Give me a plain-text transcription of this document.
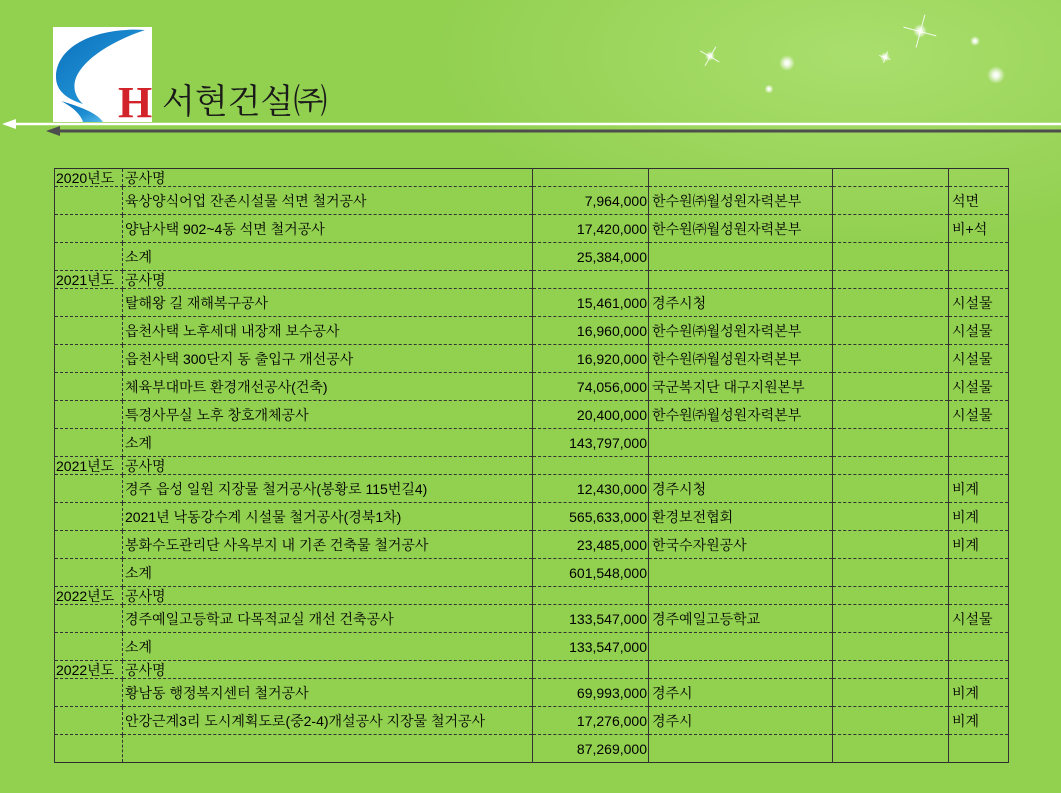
H 서현건설㈜
2020년도	공사명				
	육상양식어업 잔존시설물 석면 철거공사	7,964,000	한수원㈜월성원자력본부		석면
	양남사택 902~4동 석면 철거공사	17,420,000	한수원㈜월성원자력본부		비+석
	소계	25,384,000			
2021년도	공사명				
	탈해왕 길 재해복구공사	15,461,000	경주시청		시설물
	읍천사택 노후세대 내장재 보수공사	16,960,000	한수원㈜월성원자력본부		시설물
	읍천사택 300단지 동 출입구 개선공사	16,920,000	한수원㈜월성원자력본부		시설물
	체육부대마트 환경개선공사(건축)	74,056,000	국군복지단 대구지원본부		시설물
	특경사무실 노후 창호개체공사	20,400,000	한수원㈜월성원자력본부		시설물
	소계	143,797,000			
2021년도	공사명				
	경주 읍성 일원 지장물 철거공사(봉황로 115번길4)	12,430,000	경주시청		비계
	2021년 낙동강수계 시설물 철거공사(경북1차)	565,633,000	환경보전협회		비계
	봉화수도관리단 사옥부지 내 기존 건축물 철거공사	23,485,000	한국수자원공사		비계
	소계	601,548,000			
2022년도	공사명				
	경주예일고등학교 다목적교실 개선 건축공사	133,547,000	경주예일고등학교		시설물
	소계	133,547,000			
2022년도	공사명				
	황남동 행정복지센터 철거공사	69,993,000	경주시		비계
	안강근계3리 도시계획도로(중2-4)개설공사 지장물 철거공사	17,276,000	경주시		비계
		87,269,000			
